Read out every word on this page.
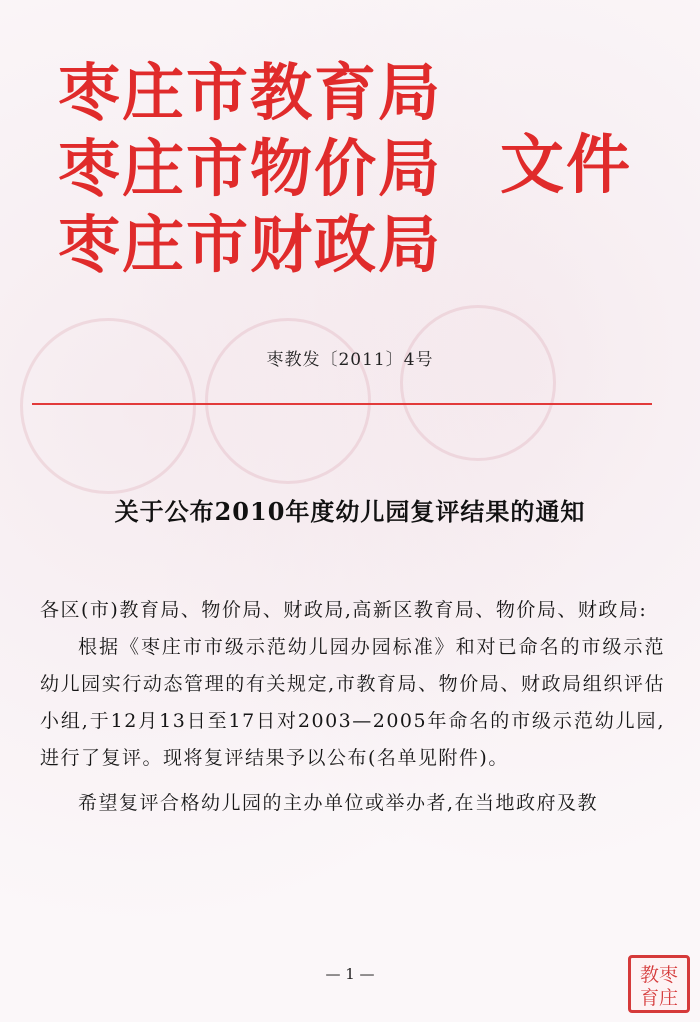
枣庄市教育局
枣庄市物价局
枣庄市财政局
文件
枣教发〔2011〕4号
关于公布2010年度幼儿园复评结果的通知

各区(市)教育局、物价局、财政局,高新区教育局、物价局、财政局:

根据《枣庄市市级示范幼儿园办园标准》和对已命名的市级示范幼儿园实行动态管理的有关规定,市教育局、物价局、财政局组织评估小组,于12月13日至17日对2003—2005年命名的市级示范幼儿园,进行了复评。现将复评结果予以公布(名单见附件)。

希望复评合格幼儿园的主办单位或举办者,在当地政府及教

— 1 —	教枣
育庄
